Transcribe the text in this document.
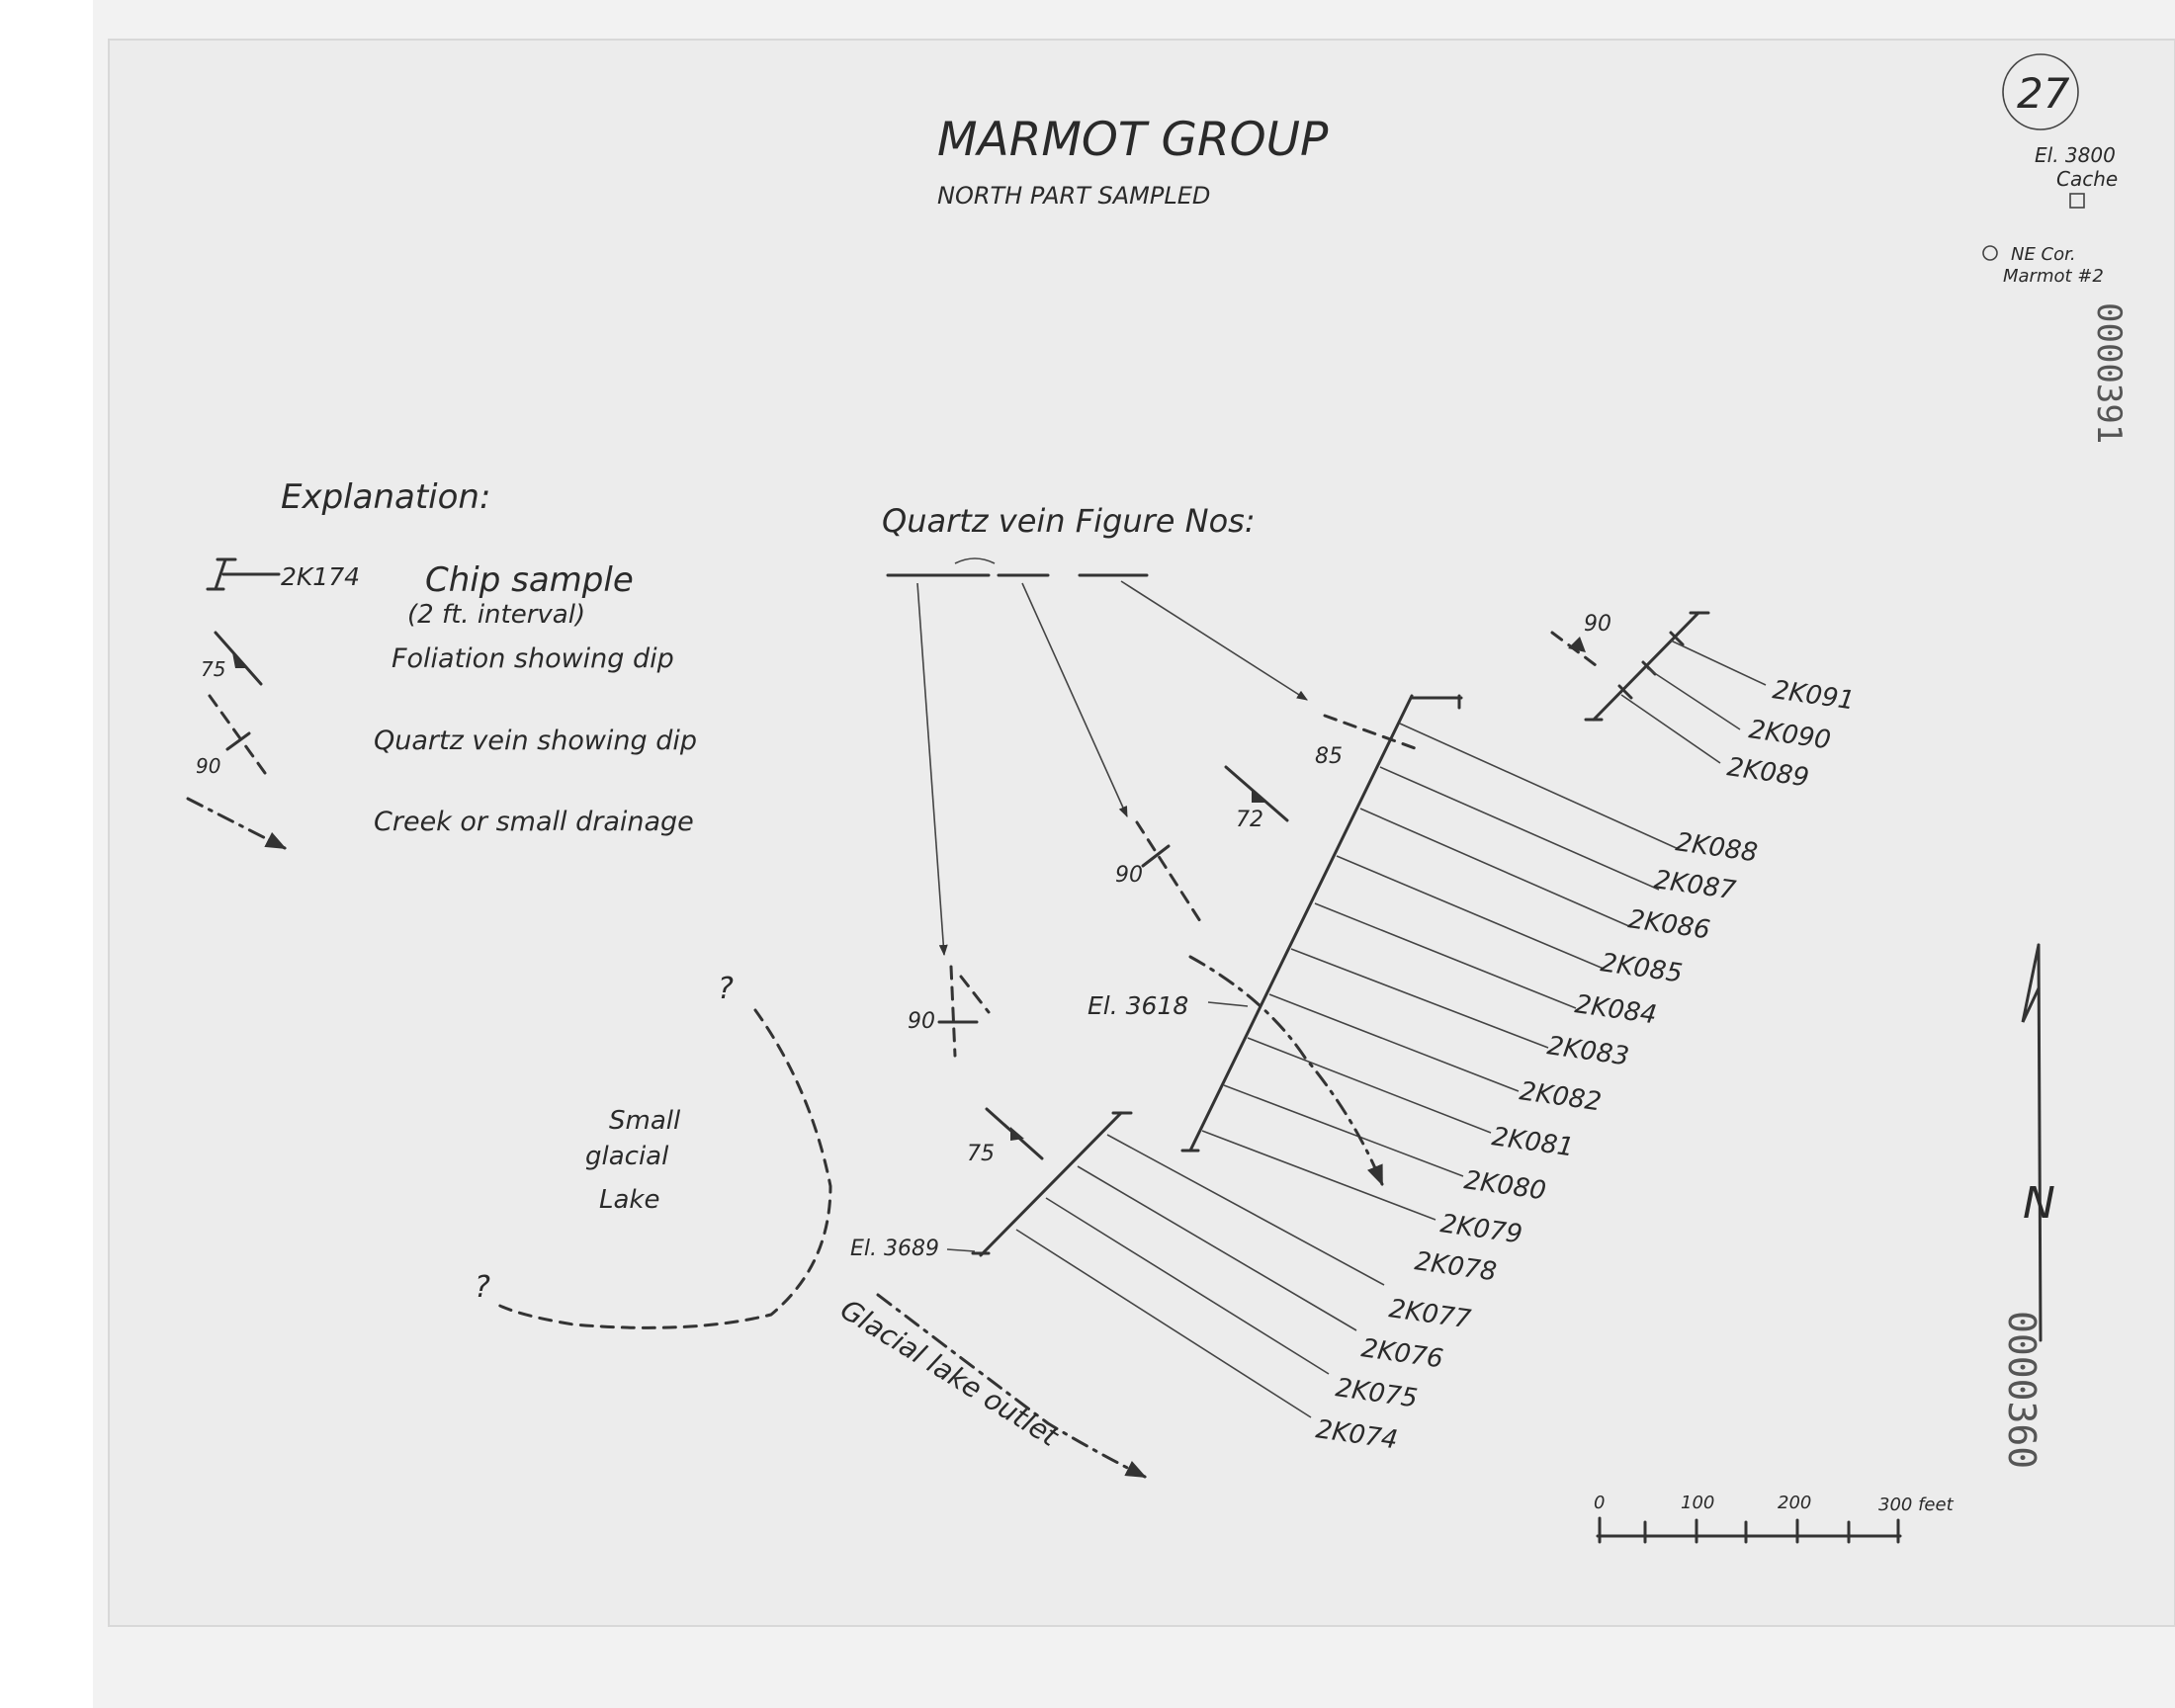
MARMOT GROUP
NORTH PART SAMPLED
27
El. 3800 Cache
NE Cor. Marmot #2
0000391
0000360
Explanation:
2K174 Chip sample
(2 ft. interval)
75	Foliation showing dip
90
Quartz vein showing dip
Creek or small drainage
Quartz vein Figure Nos:
90
85
72
90
90
El. 3618
75
El. 3689
?
?
Small
glacial
Lake
Glacial lake outlet
2K091
2K090
2K089
2K088
2K087
2K086
2K085
2K084
2K083
2K082
2K081
2K080
2K079
2K078
2K077
2K076
2K075
2K074
N
0	100	200	300 feet
